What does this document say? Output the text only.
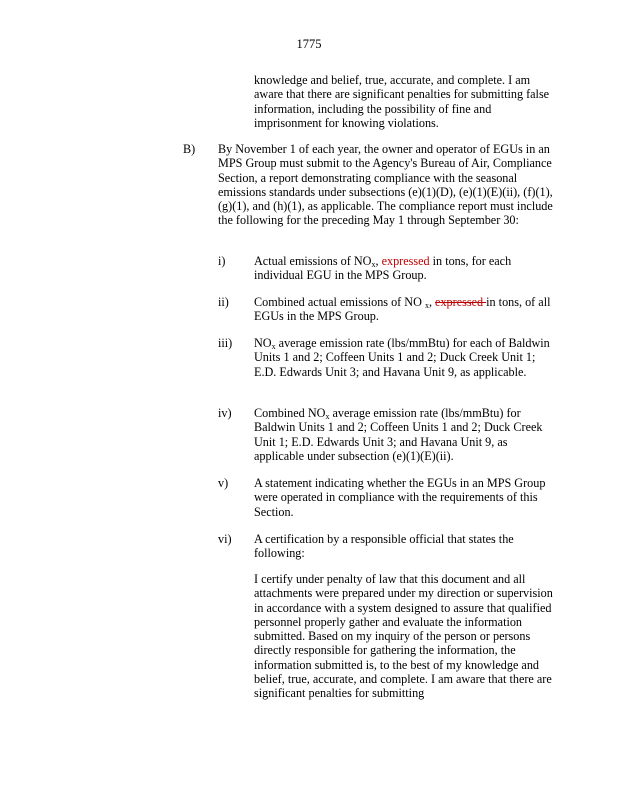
1775

knowledge and belief, true, accurate, and complete. I am aware that there are significant penalties for submitting false information, including the possibility of fine and imprisonment for knowing violations.

B) By November 1 of each year, the owner and operator of EGUs in an MPS Group must submit to the Agency's Bureau of Air, Compliance Section, a report demonstrating compliance with the seasonal emissions standards under subsections (e)(1)(D), (e)(1)(E)(ii), (f)(1), (g)(1), and (h)(1), as applicable. The compliance report must include the following for the preceding May 1 through September 30:

i) Actual emissions of $NO_x$, expressed in tons, for each individual EGU in the MPS Group.

ii) Combined actual emissions of NO $_x$, expressed in tons, of all EGUs in the MPS Group.

iii) $NO_x$ average emission rate (lbs/mmBtu) for each of Baldwin Units 1 and 2; Coffeen Units 1 and 2; Duck Creek Unit 1; E.D. Edwards Unit 3; and Havana Unit 9, as applicable.

iv) Combined $NO_x$ average emission rate (lbs/mmBtu) for Baldwin Units 1 and 2; Coffeen Units 1 and 2; Duck Creek Unit 1; E.D. Edwards Unit 3; and Havana Unit 9, as applicable under subsection (e)(1)(E)(ii).

v) A statement indicating whether the EGUs in an MPS Group were operated in compliance with the requirements of this Section.

vi) A certification by a responsible official that states the following:

I certify under penalty of law that this document and all attachments were prepared under my direction or supervision in accordance with a system designed to assure that qualified personnel properly gather and evaluate the information submitted. Based on my inquiry of the person or persons directly responsible for gathering the information, the information submitted is, to the best of my knowledge and belief, true, accurate, and complete. I am aware that there are significant penalties for submitting
